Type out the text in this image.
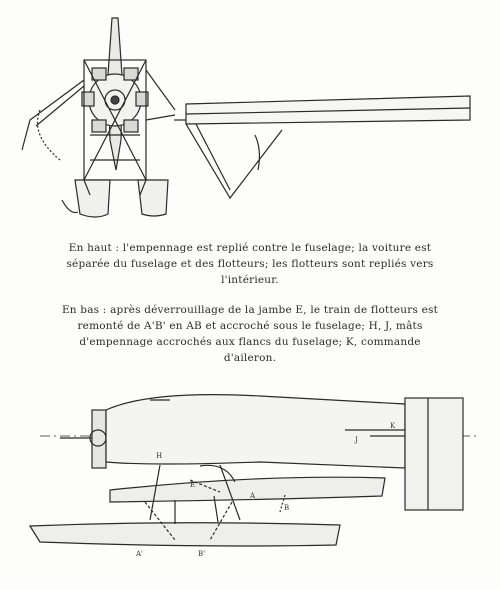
En haut : l'empennage est replié contre le fuselage; la voiture est séparée du fuselage et des flotteurs; les flotteurs sont repliés vers l'intérieur.

En bas : après déverrouillage de la jambe E, le train de flotteurs est remonté de A'B' en AB et accroché sous le fuselage; H, J, mâts d'empennage accrochés aux flancs du fuselage; K, commande d'aileron.

E
K
J
H
B
A
A'	B'
